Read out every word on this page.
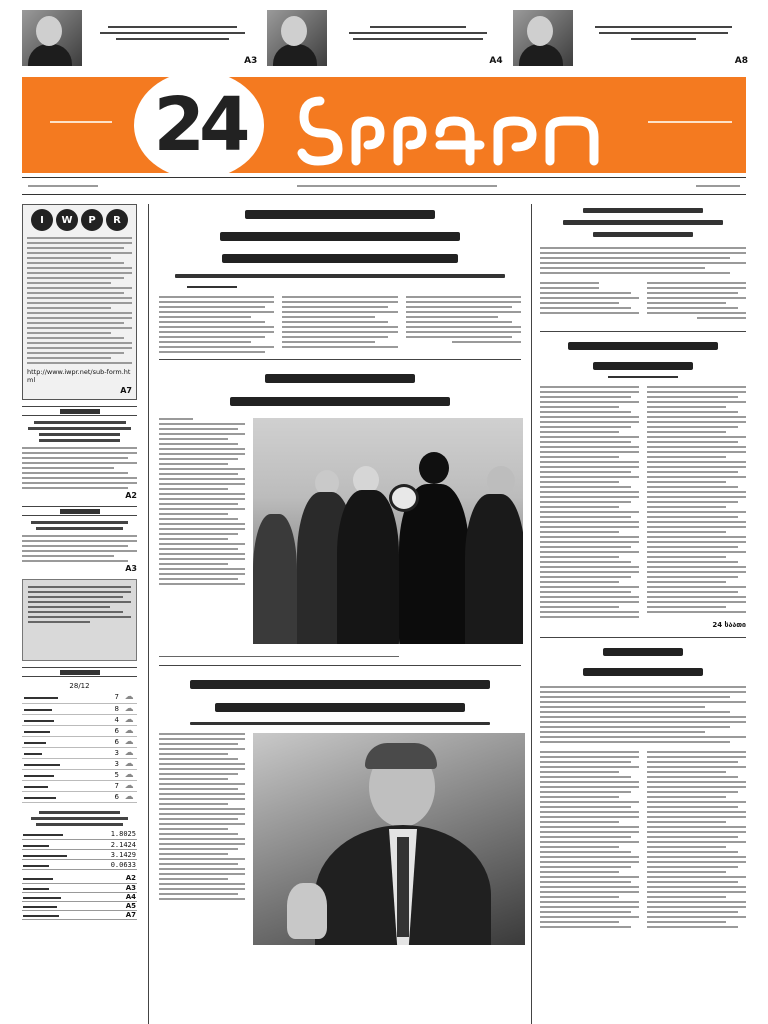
A3	A4	A8
24
I	W	P	R
http://www.iwpr.net/sub-form.html
A7
A2
A3
28/12
	7	☁
	8	☁
	4	☁
	6	☁
	6	☁
	3	☁
	3	☁
	5	☁
	7	☁
	6	☁
	1.8025
	2.1424
	3.1429
	0.0633
	A2
	A3
	A4
	A5
	A7
24 საათი
